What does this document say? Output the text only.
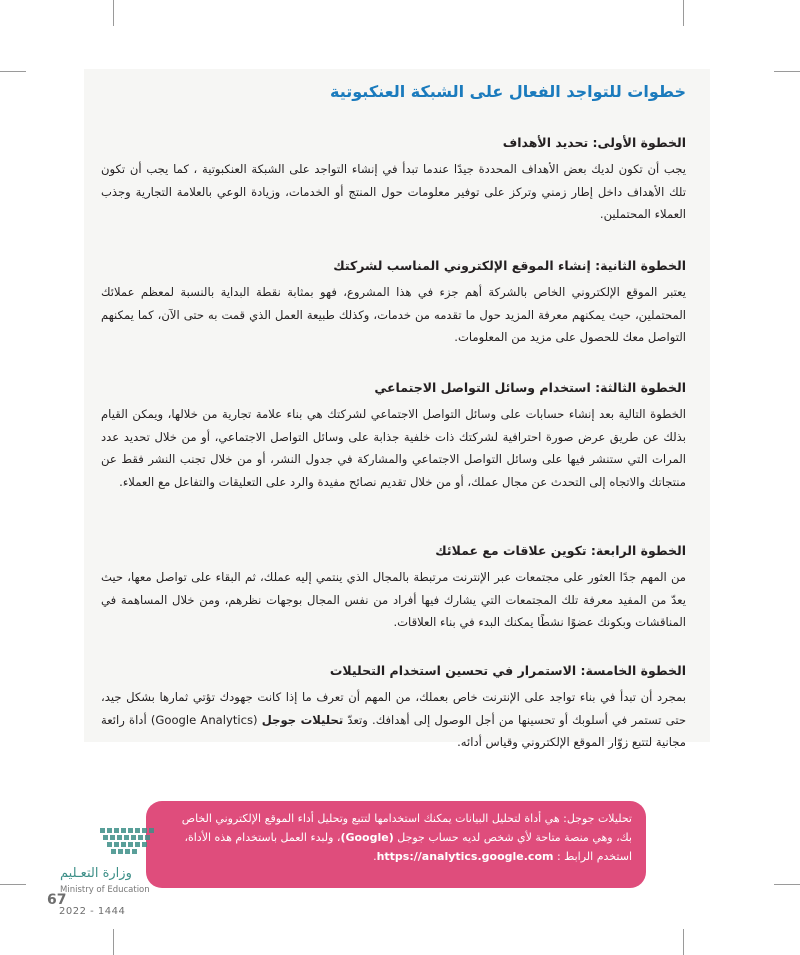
خطوات للتواجد الفعال على الشبكة العنكبوتية
الخطوة الأولى: تحديد الأهداف

يجب أن تكون لديك بعض الأهداف المحددة جيدًا عندما تبدأ في إنشاء التواجد على الشبكة العنكبوتية ، كما يجب أن تكون تلك الأهداف داخل إطار زمني وتركز على توفير معلومات حول المنتج أو الخدمات، وزيادة الوعي بالعلامة التجارية وجذب العملاء المحتملين.

الخطوة الثانية: إنشاء الموقع الإلكتروني المناسب لشركتك

يعتبر الموقع الإلكتروني الخاص بالشركة أهم جزء في هذا المشروع، فهو بمثابة نقطة البداية بالنسبة لمعظم عملائك المحتملين، حيث يمكنهم معرفة المزيد حول ما تقدمه من خدمات، وكذلك طبيعة العمل الذي قمت به حتى الآن، كما يمكنهم التواصل معك للحصول على مزيد من المعلومات.

الخطوة الثالثة: استخدام وسائل التواصل الاجتماعي

الخطوة التالية بعد إنشاء حسابات على وسائل التواصل الاجتماعي لشركتك هي بناء علامة تجارية من خلالها، ويمكن القيام بذلك عن طريق عرض صورة احترافية لشركتك ذات خلفية جذابة على وسائل التواصل الاجتماعي، أو من خلال تحديد عدد المرات التي ستنشر فيها على وسائل التواصل الاجتماعي والمشاركة في جدول النشر، أو من خلال تجنب النشر فقط عن منتجاتك والاتجاه إلى التحدث عن مجال عملك، أو من خلال تقديم نصائح مفيدة والرد على التعليقات والتفاعل مع العملاء.

الخطوة الرابعة: تكوين علاقات مع عملائك

من المهم جدًا العثور على مجتمعات عبر الإنترنت مرتبطة بالمجال الذي ينتمي إليه عملك، ثم البقاء على تواصل معها، حيث يعدّ من المفيد معرفة تلك المجتمعات التي يشارك فيها أفراد من نفس المجال بوجهات نظرهم، ومن خلال المساهمة في المناقشات وبكونك عضوًا نشطًا يمكنك البدء في بناء العلاقات.

الخطوة الخامسة: الاستمرار في تحسين استخدام التحليلات

بمجرد أن تبدأ في بناء تواجد على الإنترنت خاص بعملك، من المهم أن تعرف ما إذا كانت جهودك تؤتي ثمارها بشكل جيد، حتى تستمر في أسلوبك أو تحسينها من أجل الوصول إلى أهدافك. وتعدّ تحليلات جوجل (Google Analytics) أداة رائعة مجانية لتتبع زوّار الموقع الإلكتروني وقياس أدائه.

تحليلات جوجل: هي أداة لتحليل البيانات يمكنك استخدامها لتتبع وتحليل أداء الموقع الإلكتروني الخاص
بك، وهي منصة متاحة لأي شخص لديه حساب جوجل (Google)، ولبدء العمل باستخدام هذه الأداة،
استخدم الرابط : https://analytics.google.com.
وزارة التعـليم
Ministry of Education
67
2022 - 1444
